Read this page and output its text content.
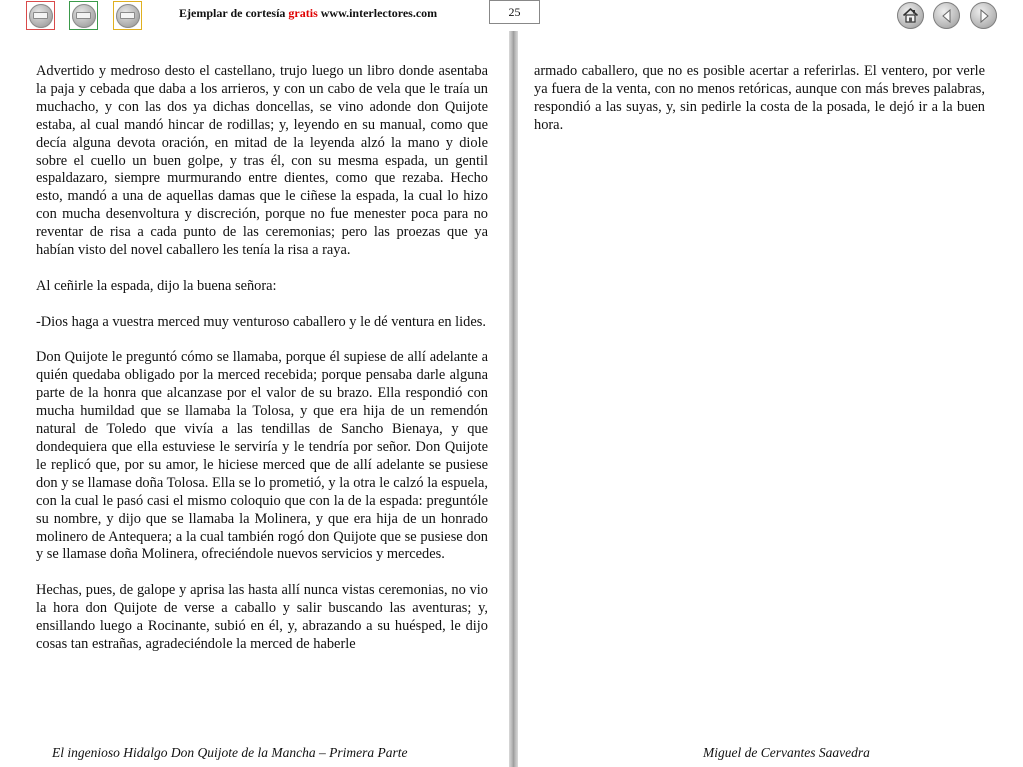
Ejemplar de cortesía gratis www.interlectores.com	25

Advertido y medroso desto el castellano, trujo luego un libro donde asentaba la paja y cebada que daba a los arrieros, y con un cabo de vela que le traía un muchacho, y con las dos ya dichas doncellas, se vino adonde don Quijote estaba, al cual mandó hincar de rodillas; y, leyendo en su manual, como que decía alguna devota oración, en mitad de la leyenda alzó la mano y diole sobre el cuello un buen golpe, y tras él, con su mesma espada, un gentil espaldazaro, siempre murmurando entre dientes, como que rezaba. Hecho esto, mandó a una de aquellas damas que le ciñese la espada, la cual lo hizo con mucha desenvoltura y discreción, porque no fue menester poca para no reventar de risa a cada punto de las ceremonias; pero las proezas que ya habían visto del novel caballero les tenía la risa a raya.

Al ceñirle la espada, dijo la buena señora:

-Dios haga a vuestra merced muy venturoso caballero y le dé ventura en lides.

Don Quijote le preguntó cómo se llamaba, porque él supiese de allí adelante a quién quedaba obligado por la merced recebida; porque pensaba darle alguna parte de la honra que alcanzase por el valor de su brazo. Ella respondió con mucha humildad que se llamaba la Tolosa, y que era hija de un remendón natural de Toledo que vivía a las tendillas de Sancho Bienaya, y que dondequiera que ella estuviese le serviría y le tendría por señor. Don Quijote le replicó que, por su amor, le hiciese merced que de allí adelante se pusiese don y se llamase doña Tolosa. Ella se lo prometió, y la otra le calzó la espuela, con la cual le pasó casi el mismo coloquio que con la de la espada: preguntóle su nombre, y dijo que se llamaba la Molinera, y que era hija de un honrado molinero de Antequera; a la cual también rogó don Quijote que se pusiese don y se llamase doña Molinera, ofreciéndole nuevos servicios y mercedes.

Hechas, pues, de galope y aprisa las hasta allí nunca vistas ceremonias, no vio la hora don Quijote de verse a caballo y salir buscando las aventuras; y, ensillando luego a Rocinante, subió en él, y, abrazando a su huésped, le dijo cosas tan estrañas, agradeciéndole la merced de haberle

armado caballero, que no es posible acertar a referirlas. El ventero, por verle ya fuera de la venta, con no menos retóricas, aunque con más breves palabras, respondió a las suyas, y, sin pedirle la costa de la posada, le dejó ir a la buen hora.

El ingenioso Hidalgo Don Quijote de la Mancha – Primera Parte	Miguel de Cervantes Saavedra
